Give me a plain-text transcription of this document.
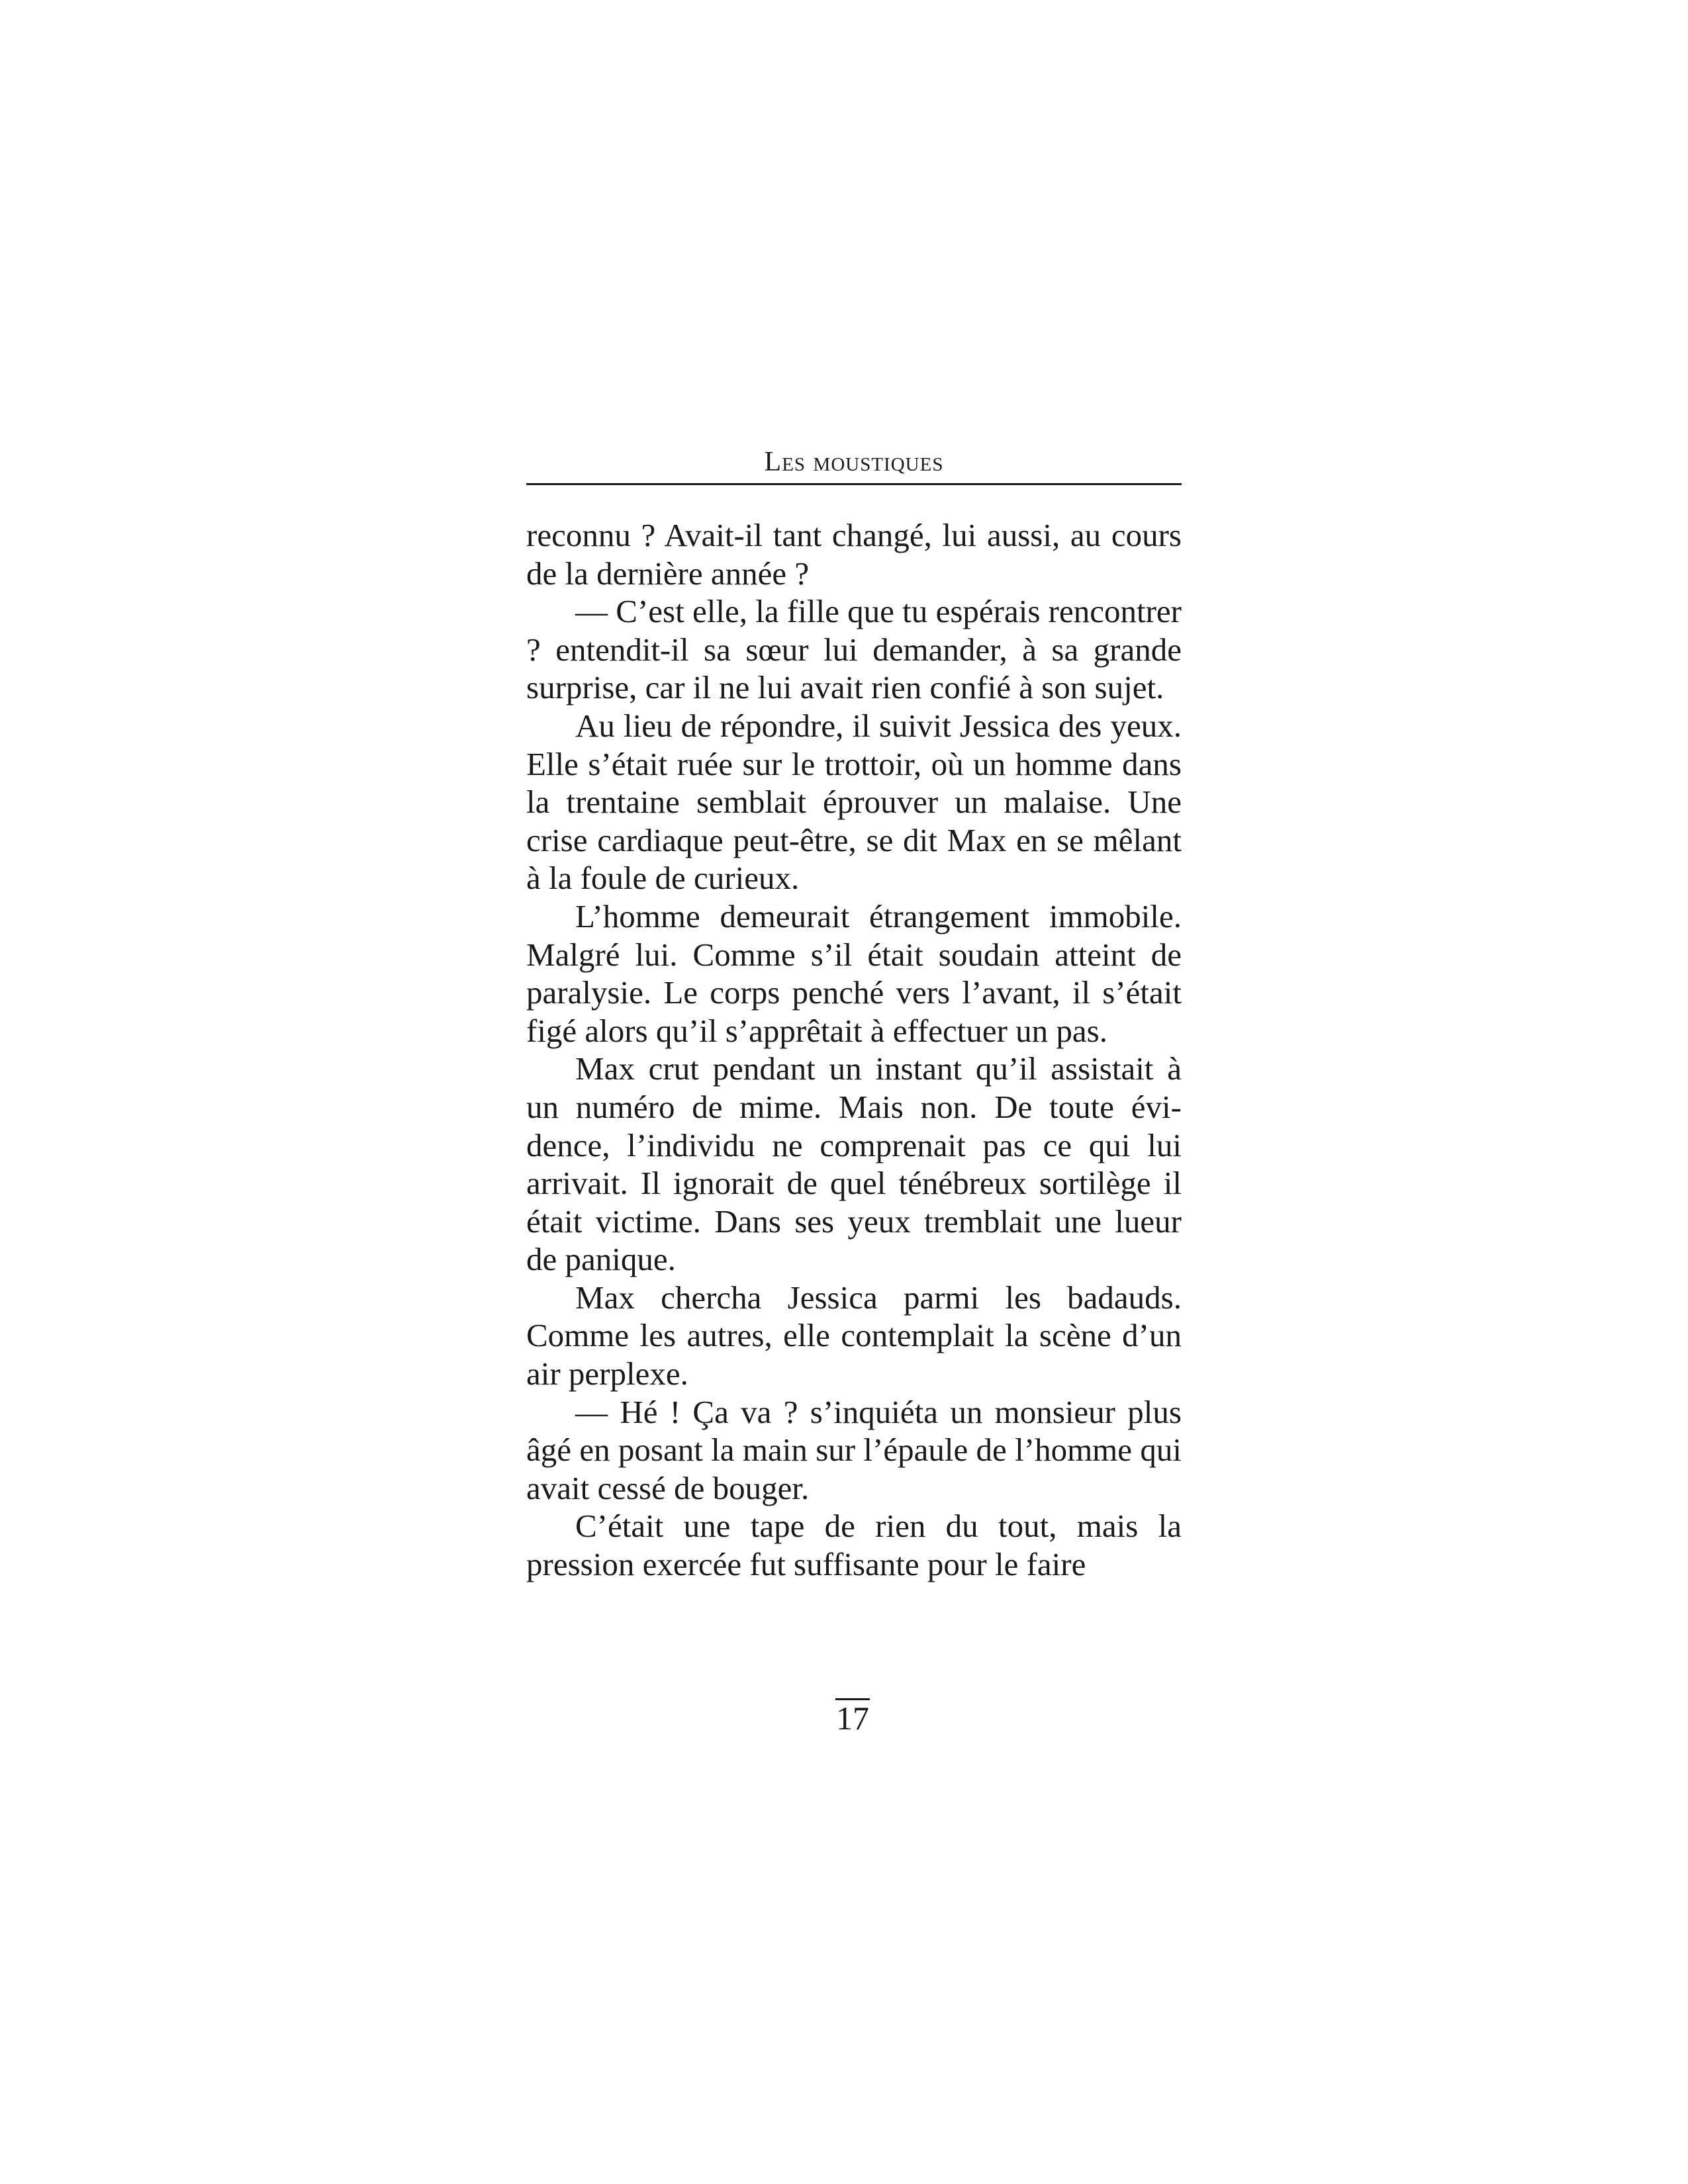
Les moustiques

reconnu ? Avait-il tant changé, lui aussi, au cours de la dernière année ?

— C’est elle, la fille que tu espérais rencontrer ? entendit-il sa sœur lui demander, à sa grande surprise, car il ne lui avait rien confié à son sujet.

Au lieu de répondre, il suivit Jessica des yeux. Elle s’était ruée sur le trottoir, où un homme dans la trentaine semblait éprouver un malaise. Une crise cardiaque peut-être, se dit Max en se mêlant à la foule de curieux.

L’homme demeurait étrangement immobile. Malgré lui. Comme s’il était soudain atteint de paralysie. Le corps penché vers l’avant, il s’était figé alors qu’il s’apprêtait à effectuer un pas.

Max crut pendant un instant qu’il assistait à un numéro de mime. Mais non. De toute évidence, l’individu ne comprenait pas ce qui lui arrivait. Il ignorait de quel ténébreux sortilège il était victime. Dans ses yeux tremblait une lueur de panique.

Max chercha Jessica parmi les badauds. Comme les autres, elle contemplait la scène d’un air perplexe.

— Hé ! Ça va ? s’inquiéta un monsieur plus âgé en posant la main sur l’épaule de l’homme qui avait cessé de bouger.

C’était une tape de rien du tout, mais la pression exercée fut suffisante pour le faire

17
